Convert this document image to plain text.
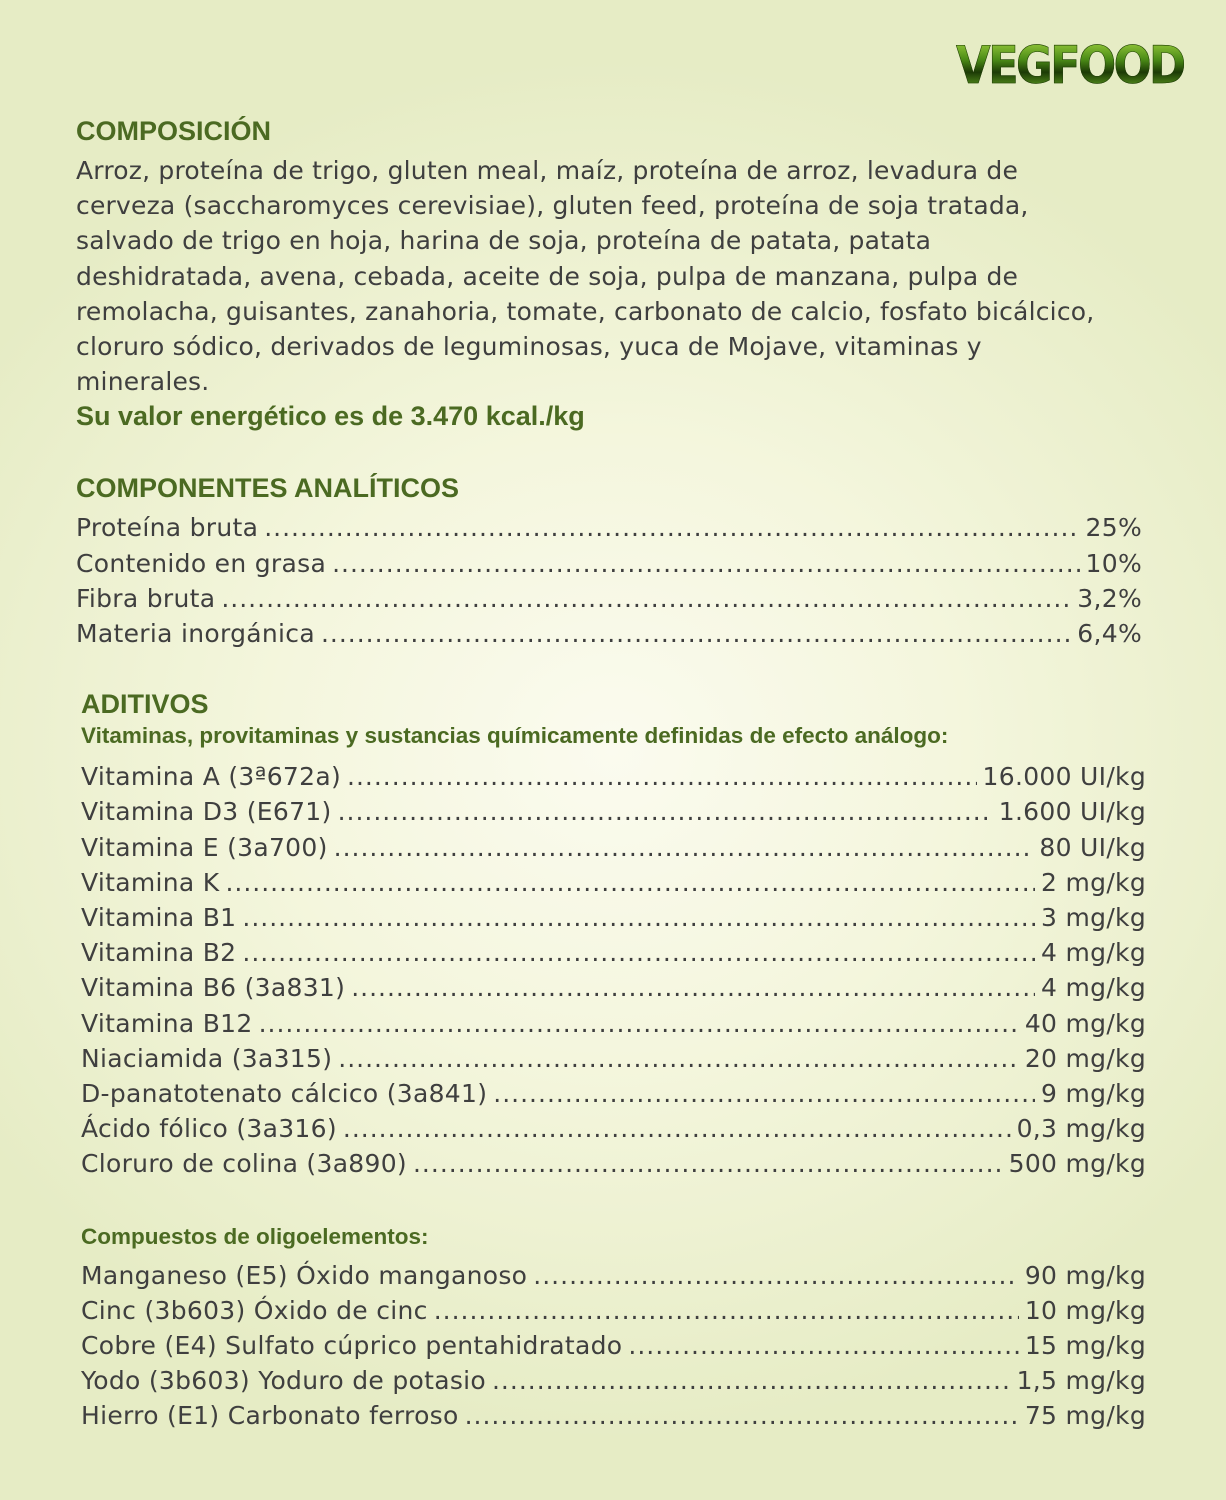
VEGFOOD
COMPOSICIÓN

Arroz, proteína de trigo, gluten meal, maíz, proteína de arroz, levadura de cerveza (saccharomyces cerevisiae), gluten feed, proteína de soja tratada, salvado de trigo en hoja, harina de soja, proteína de patata, patata deshidratada, avena, cebada, aceite de soja, pulpa de manzana, pulpa de remolacha, guisantes, zanahoria, tomate, carbonato de calcio, fosfato bicálcico, cloruro sódico, derivados de leguminosas, yuca de Mojave, vitaminas y minerales.

Su valor energético es de 3.470 kcal./kg

COMPONENTES ANALÍTICOS
Proteína bruta .....	25%
Contenido en grasa .....	10%
Fibra bruta .....	3,2%
Materia inorgánica .....	6,4%
ADITIVOS
Vitaminas, provitaminas y sustancias químicamente definidas de efecto análogo:
Vitamina A (3ª672a) .....	16.000 UI/kg
Vitamina D3 (E671) .....	1.600 UI/kg
Vitamina E (3a700) .....	80 UI/kg
Vitamina K .....	2 mg/kg
Vitamina B1 .....	3 mg/kg
Vitamina B2 .....	4 mg/kg
Vitamina B6 (3a831) .....	4 mg/kg
Vitamina B12 .....	40 mg/kg
Niaciamida (3a315) .....	20 mg/kg
D-panatotenato cálcico (3a841) .....	9 mg/kg
Ácido fólico (3a316) .....	0,3 mg/kg
Cloruro de colina (3a890) .....	500 mg/kg
Compuestos de oligoelementos:
Manganeso (E5) Óxido manganoso .....	90 mg/kg
Cinc (3b603) Óxido de cinc .....	10 mg/kg
Cobre (E4) Sulfato cúprico pentahidratado .....	15 mg/kg
Yodo (3b603) Yoduro de potasio .....	1,5 mg/kg
Hierro (E1) Carbonato ferroso .....	75 mg/kg
